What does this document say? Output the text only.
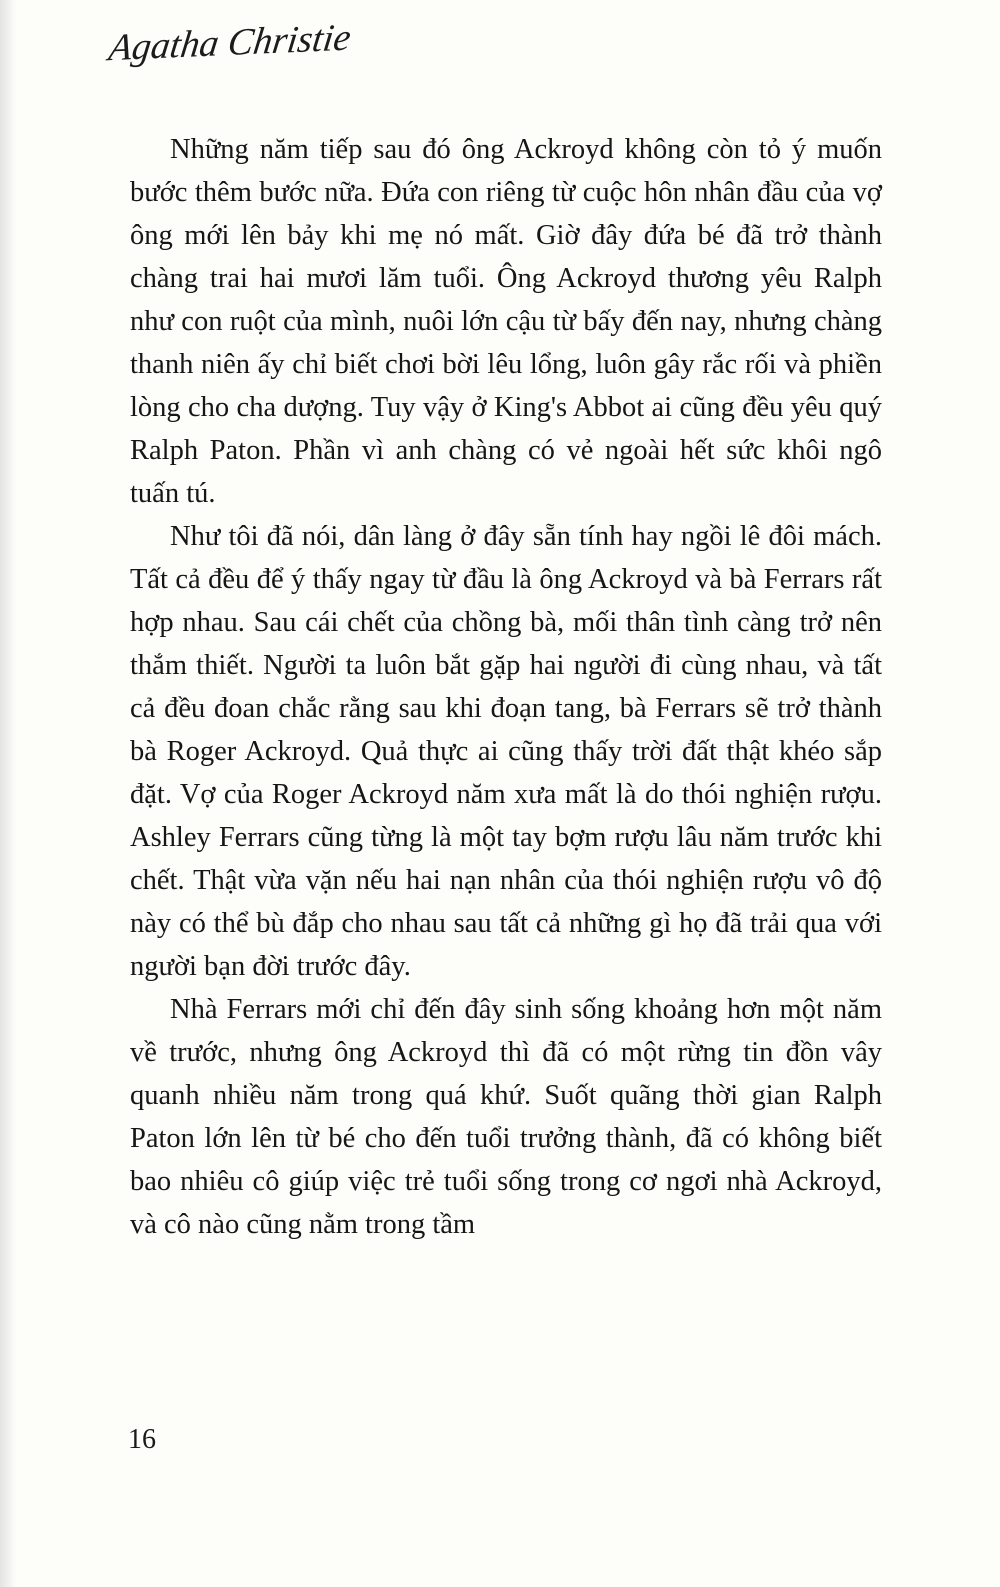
Agatha Christie

Những năm tiếp sau đó ông Ackroyd không còn tỏ ý muốn bước thêm bước nữa. Đứa con riêng từ cuộc hôn nhân đầu của vợ ông mới lên bảy khi mẹ nó mất. Giờ đây đứa bé đã trở thành chàng trai hai mươi lăm tuổi. Ông Ackroyd thương yêu Ralph như con ruột của mình, nuôi lớn cậu từ bấy đến nay, nhưng chàng thanh niên ấy chỉ biết chơi bời lêu lổng, luôn gây rắc rối và phiền lòng cho cha dượng. Tuy vậy ở King's Abbot ai cũng đều yêu quý Ralph Paton. Phần vì anh chàng có vẻ ngoài hết sức khôi ngô tuấn tú.

Như tôi đã nói, dân làng ở đây sẵn tính hay ngồi lê đôi mách. Tất cả đều để ý thấy ngay từ đầu là ông Ackroyd và bà Ferrars rất hợp nhau. Sau cái chết của chồng bà, mối thân tình càng trở nên thắm thiết. Người ta luôn bắt gặp hai người đi cùng nhau, và tất cả đều đoan chắc rằng sau khi đoạn tang, bà Ferrars sẽ trở thành bà Roger Ackroyd. Quả thực ai cũng thấy trời đất thật khéo sắp đặt. Vợ của Roger Ackroyd năm xưa mất là do thói nghiện rượu. Ashley Ferrars cũng từng là một tay bợm rượu lâu năm trước khi chết. Thật vừa vặn nếu hai nạn nhân của thói nghiện rượu vô độ này có thể bù đắp cho nhau sau tất cả những gì họ đã trải qua với người bạn đời trước đây.

Nhà Ferrars mới chỉ đến đây sinh sống khoảng hơn một năm về trước, nhưng ông Ackroyd thì đã có một rừng tin đồn vây quanh nhiều năm trong quá khứ. Suốt quãng thời gian Ralph Paton lớn lên từ bé cho đến tuổi trưởng thành, đã có không biết bao nhiêu cô giúp việc trẻ tuổi sống trong cơ ngơi nhà Ackroyd, và cô nào cũng nằm trong tầm

16
